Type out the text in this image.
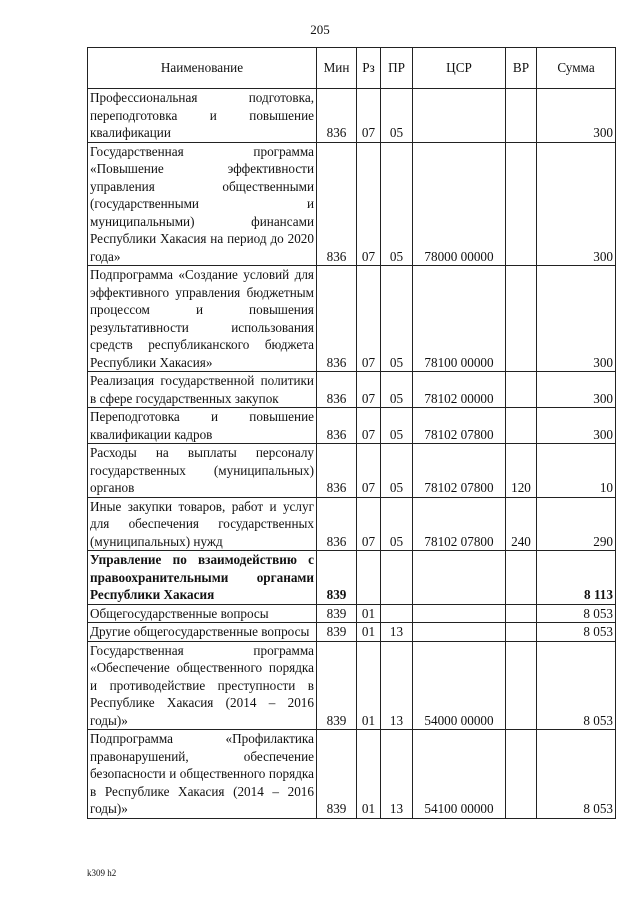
205
Наименование	Мин	Рз	ПР	ЦСР	ВР	Сумма
Профессиональная подготовка, переподготовка и повышение квалификации	836	07	05			300
Государственная программа «Повышение эффективности управления общественными (государственными и муниципальными) финансами Республики Хакасия на период до 2020 года»	836	07	05	78000 00000		300
Подпрограмма «Создание условий для эффективного управления бюджетным процессом и повышения результативности использования средств республиканского бюджета Республики Хакасия»	836	07	05	78100 00000		300
Реализация государственной политики в сфере государственных закупок	836	07	05	78102 00000		300
Переподготовка и повышение квалификации кадров	836	07	05	78102 07800		300
Расходы на выплаты персоналу государственных (муниципальных) органов	836	07	05	78102 07800	120	10
Иные закупки товаров, работ и услуг для обеспечения государственных (муниципальных) нужд	836	07	05	78102 07800	240	290
Управление по взаимодействию с правоохранительными органами Республики Хакасия	839					8 113
Общегосударственные вопросы	839	01				8 053
Другие общегосударственные вопросы	839	01	13			8 053
Государственная программа «Обеспечение общественного порядка и противодействие преступности в Республике Хакасия (2014 – 2016 годы)»	839	01	13	54000 00000		8 053
Подпрограмма «Профилактика правонарушений, обеспечение безопасности и общественного порядка в Республике Хакасия (2014 – 2016 годы)»	839	01	13	54100 00000		8 053
k309 h2
